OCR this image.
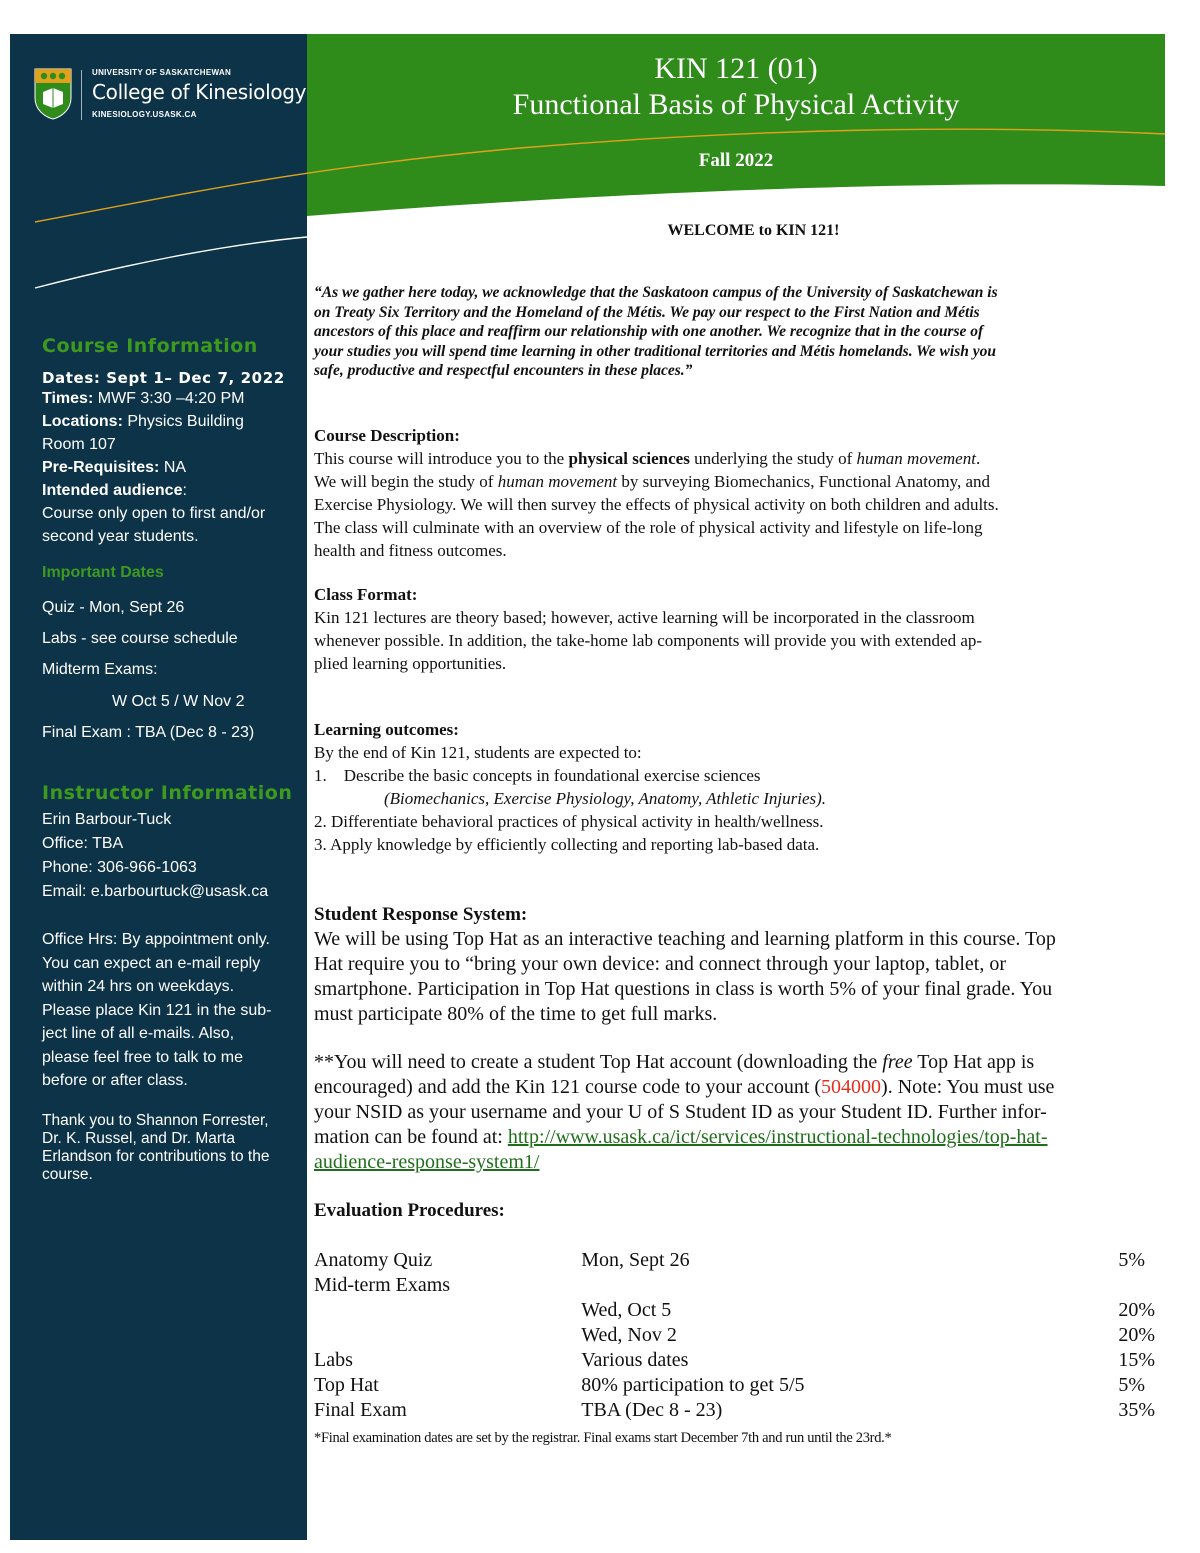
UNIVERSITY OF SASKATCHEWAN
College of Kinesiology
KINESIOLOGY.USASK.CA
KIN 121 (01)
Functional Basis of Physical Activity
Fall 2022
Course Information
Dates: Sept 1– Dec 7, 2022
Times: MWF 3:30 –4:20 PM
Locations: Physics Building
Room 107
Pre-Requisites: NA
Intended audience:
Course only open to first and/or
second year students.
Important Dates
Quiz - Mon, Sept 26
Labs - see course schedule
Midterm Exams:
W Oct 5 / W Nov 2
Final Exam : TBA (Dec 8 - 23)
Instructor Information
Erin Barbour-Tuck
Office: TBA
Phone: 306-966-1063
Email: e.barbourtuck@usask.ca
Office Hrs: By appointment only.
You can expect an e-mail reply
within 24 hrs on weekdays.
Please place Kin 121 in the sub-
ject line of all e-mails. Also,
please feel free to talk to me
before or after class.
Thank you to Shannon Forrester,
Dr. K. Russel, and Dr. Marta
Erlandson for contributions to the
course.
WELCOME to KIN 121!
“As we gather here today, we acknowledge that the Saskatoon campus of the University of Saskatchewan is
on Treaty Six Territory and the Homeland of the Métis. We pay our respect to the First Nation and Métis
ancestors of this place and reaffirm our relationship with one another. We recognize that in the course of
your studies you will spend time learning in other traditional territories and Métis homelands. We wish you
safe, productive and respectful encounters in these places.”
Course Description:
This course will introduce you to the physical sciences underlying the study of human movement.
We will begin the study of human movement by surveying Biomechanics, Functional Anatomy, and
Exercise Physiology. We will then survey the effects of physical activity on both children and adults.
The class will culminate with an overview of the role of physical activity and lifestyle on life-long
health and fitness outcomes.
Class Format:
Kin 121 lectures are theory based; however, active learning will be incorporated in the classroom
whenever possible. In addition, the take-home lab components will provide you with extended ap-
plied learning opportunities.
Learning outcomes:
By the end of Kin 121, students are expected to:
1.    Describe the basic concepts in foundational exercise sciences
(Biomechanics, Exercise Physiology, Anatomy, Athletic Injuries).
2. Differentiate behavioral practices of physical activity in health/wellness.
3. Apply knowledge by efficiently collecting and reporting lab-based data.
Student Response System:
We will be using Top Hat as an interactive teaching and learning platform in this course. Top
Hat require you to “bring your own device: and connect through your laptop, tablet, or
smartphone. Participation in Top Hat questions in class is worth 5% of your final grade. You
must participate 80% of the time to get full marks.
**You will need to create a student Top Hat account (downloading the free Top Hat app is
encouraged) and add the Kin 121 course code to your account (504000). Note: You must use
your NSID as your username and your U of S Student ID as your Student ID. Further infor-
mation can be found at: http://www.usask.ca/ict/services/instructional-technologies/top-hat-
audience-response-system1/
Evaluation Procedures:
Anatomy Quiz	Mon, Sept 26	5%
Mid-term Exams		
	Wed, Oct 5	20%
	Wed, Nov 2	20%
Labs	Various dates	15%
Top Hat	80% participation to get 5/5	5%
Final Exam	TBA (Dec 8 - 23)	35%
*Final examination dates are set by the registrar. Final exams start December 7th and run until the 23rd.*
